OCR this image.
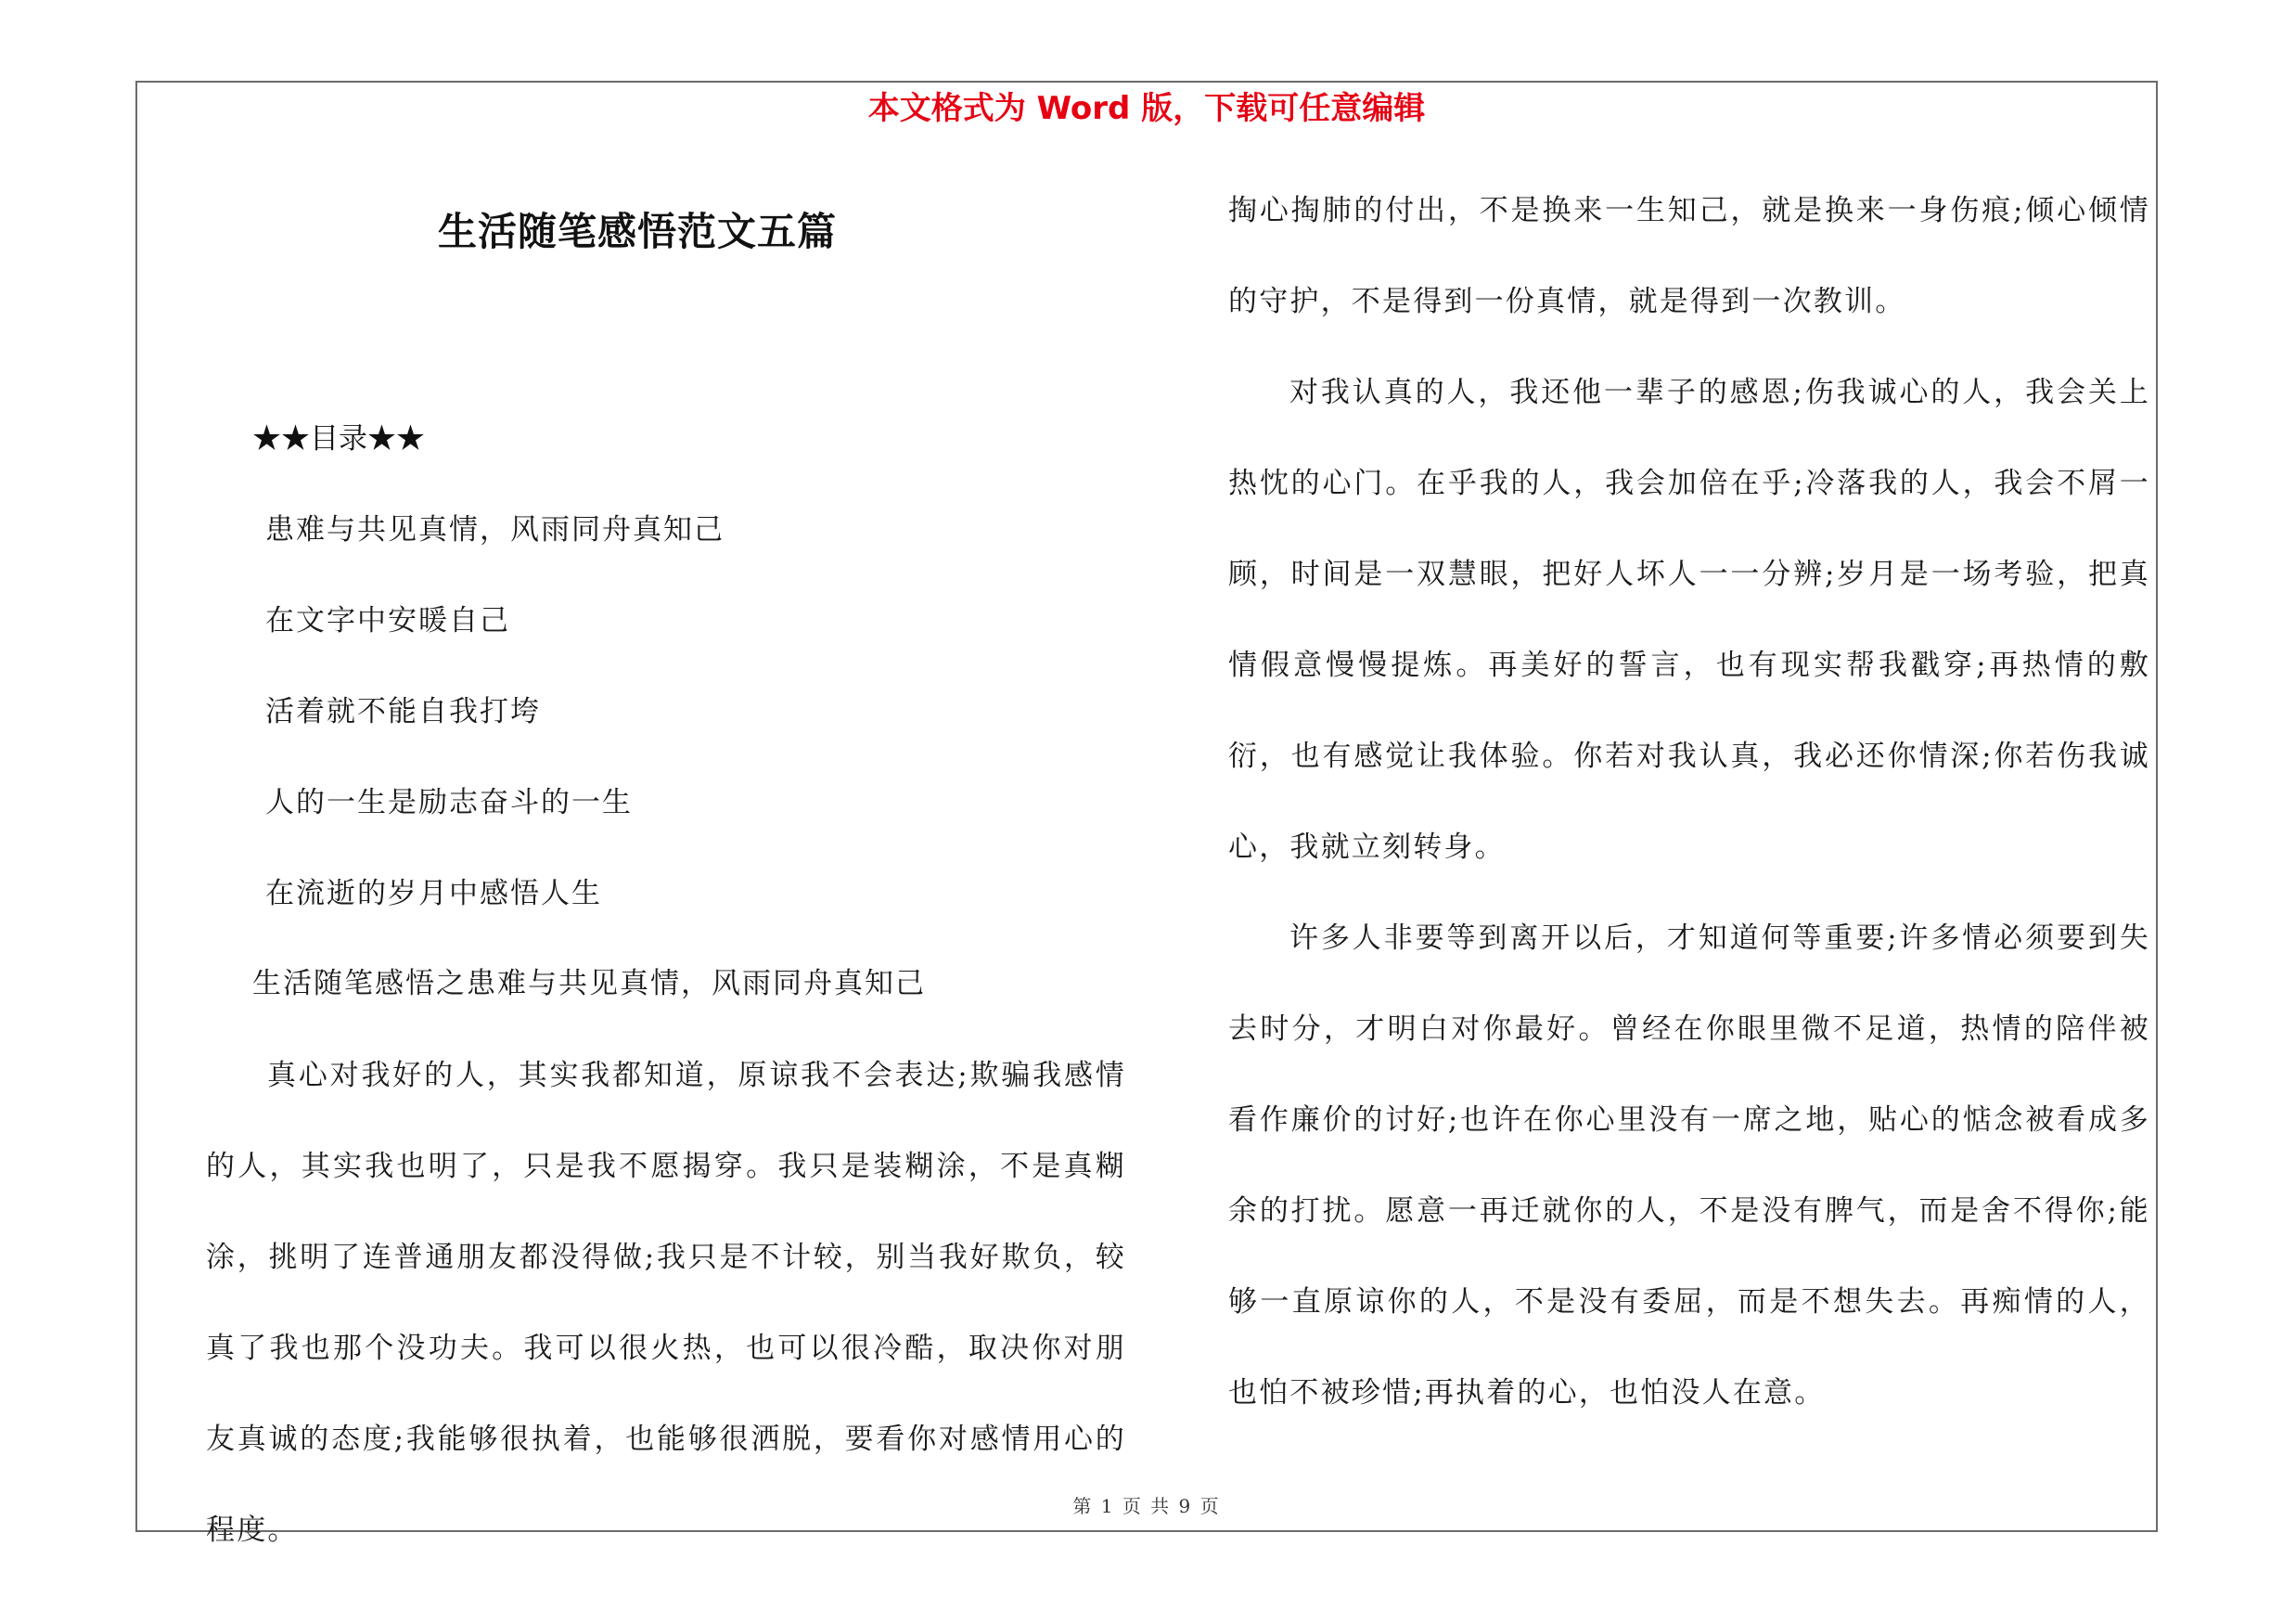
本文格式为 Word 版，下载可任意编辑
生活随笔感悟范文五篇
★★目录★★
患难与共见真情，风雨同舟真知己
在文字中安暖自己
活着就不能自我打垮
人的一生是励志奋斗的一生
在流逝的岁月中感悟人生
生活随笔感悟之患难与共见真情，风雨同舟真知己

真心对我好的人，其实我都知道，原谅我不会表达;欺骗我感情的人，其实我也明了，只是我不愿揭穿。我只是装糊涂，不是真糊涂，挑明了连普通朋友都没得做;我只是不计较，别当我好欺负，较真了我也那个没功夫。我可以很火热，也可以很冷酷，取决你对朋友真诚的态度;我能够很执着，也能够很洒脱，要看你对感情用心的程度。

掏心掏肺的付出，不是换来一生知己，就是换来一身伤痕;倾心倾情的守护，不是得到一份真情，就是得到一次教训。

对我认真的人，我还他一辈子的感恩;伤我诚心的人，我会关上热忱的心门。在乎我的人，我会加倍在乎;冷落我的人，我会不屑一顾，时间是一双慧眼，把好人坏人一一分辨;岁月是一场考验，把真情假意慢慢提炼。再美好的誓言，也有现实帮我戳穿;再热情的敷衍，也有感觉让我体验。你若对我认真，我必还你情深;你若伤我诚心，我就立刻转身。

许多人非要等到离开以后，才知道何等重要;许多情必须要到失去时分，才明白对你最好。曾经在你眼里微不足道，热情的陪伴被看作廉价的讨好;也许在你心里没有一席之地，贴心的惦念被看成多余的打扰。愿意一再迁就你的人，不是没有脾气，而是舍不得你;能够一直原谅你的人，不是没有委屈，而是不想失去。再痴情的人，也怕不被珍惜;再执着的心，也怕没人在意。

第 1 页 共 9 页
